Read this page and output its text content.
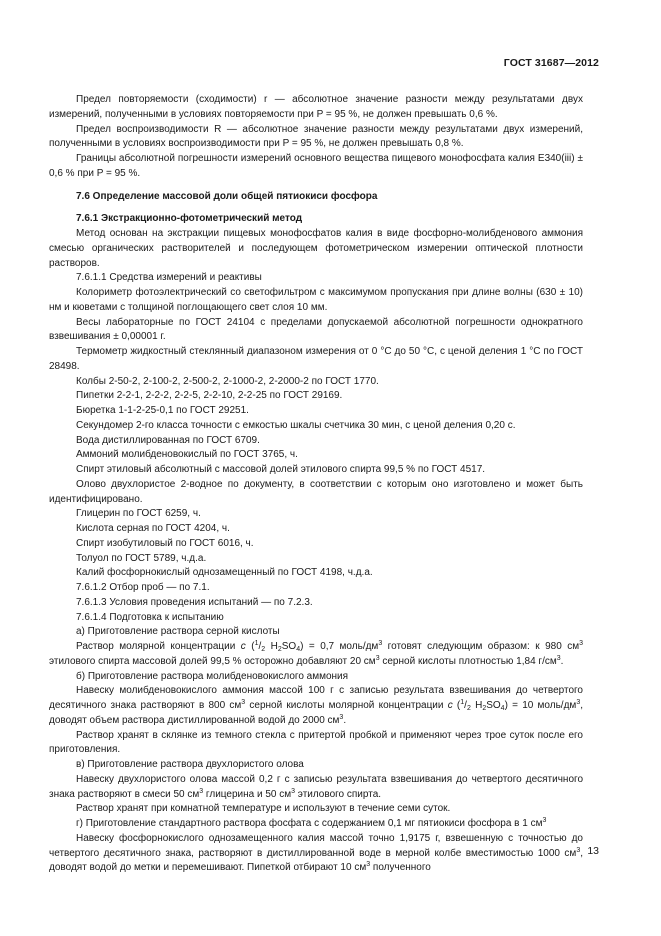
ГОСТ 31687—2012

Предел повторяемости (сходимости) r — абсолютное значение разности между результатами двух измерений, полученными в условиях повторяемости при P = 95 %, не должен превышать 0,6 %.

Предел воспроизводимости R — абсолютное значение разности между результатами двух измерений, полученными в условиях воспроизводимости при P = 95 %, не должен превышать 0,8 %.

Границы абсолютной погрешности измерений основного вещества пищевого монофосфата калия Е340(iii) ± 0,6 % при P = 95 %.

7.6 Определение массовой доли общей пятиокиси фосфора

7.6.1 Экстракционно-фотометрический метод

Метод основан на экстракции пищевых монофосфатов калия в виде фосфорно-молибденового аммония смесью органических растворителей и последующем фотометрическом измерении оптической плотности растворов.

7.6.1.1 Средства измерений и реактивы

Колориметр фотоэлектрический со светофильтром с максимумом пропускания при длине волны (630 ± 10) нм и кюветами с толщиной поглощающего свет слоя 10 мм.

Весы лабораторные по ГОСТ 24104 с пределами допускаемой абсолютной погрешности однократного взвешивания ± 0,00001 г.

Термометр жидкостный стеклянный диапазоном измерения от 0 °С до 50 °С, с ценой деления 1 °С по ГОСТ 28498.

Колбы 2-50-2, 2-100-2, 2-500-2, 2-1000-2, 2-2000-2 по ГОСТ 1770.

Пипетки 2-2-1, 2-2-2, 2-2-5, 2-2-10, 2-2-25 по ГОСТ 29169.

Бюретка 1-1-2-25-0,1 по ГОСТ 29251.

Секундомер 2-го класса точности с емкостью шкалы счетчика 30 мин, с ценой деления 0,20 с.

Вода дистиллированная по ГОСТ 6709.

Аммоний молибденовокислый по ГОСТ 3765, ч.

Спирт этиловый абсолютный с массовой долей этилового спирта 99,5 % по ГОСТ 4517.

Олово двухлористое 2-водное по документу, в соответствии с которым оно изготовлено и может быть идентифицировано.

Глицерин по ГОСТ 6259, ч.

Кислота серная по ГОСТ 4204, ч.

Спирт изобутиловый по ГОСТ 6016, ч.

Толуол по ГОСТ 5789, ч.д.а.

Калий фосфорнокислый однозамещенный по ГОСТ 4198, ч.д.а.

7.6.1.2 Отбор проб — по 7.1.

7.6.1.3 Условия проведения испытаний — по 7.2.3.

7.6.1.4 Подготовка к испытанию

а) Приготовление раствора серной кислоты

Раствор молярной концентрации c ($^1/_2$ $H_2SO_4) = 0,7$ моль/$дм^3$ готовят следующим образом: к 980 $см^3$ этилового спирта массовой долей 99,5 % осторожно добавляют 20 $см^3$ серной кислоты плотностью 1,84 $г/см^3$.

б) Приготовление раствора молибденовокислого аммония

Навеску молибденовокислого аммония массой 100 г с записью результата взвешивания до четвертого десятичного знака растворяют в 800 $см^3$ серной кислоты молярной концентрации c ($^1/_2$ $H_2SO_4) = 10$ моль/$дм^3$, доводят объем раствора дистиллированной водой до 2000 $см^3$.

Раствор хранят в склянке из темного стекла с притертой пробкой и применяют через трое суток после его приготовления.

в) Приготовление раствора двухлористого олова

Навеску двухлористого олова массой 0,2 г с записью результата взвешивания до четвертого десятичного знака растворяют в смеси 50 $см^3$ глицерина и 50 $см^3$ этилового спирта.

Раствор хранят при комнатной температуре и используют в течение семи суток.

г) Приготовление стандартного раствора фосфата с содержанием 0,1 мг пятиокиси фосфора в 1 $см^3$

Навеску фосфорнокислого однозамещенного калия массой точно 1,9175 г, взвешенную с точностью до четвертого десятичного знака, растворяют в дистиллированной воде в мерной колбе вместимостью 1000 $см^3$, доводят водой до метки и перемешивают. Пипеткой отбирают 10 $см^3$ полученного

13
